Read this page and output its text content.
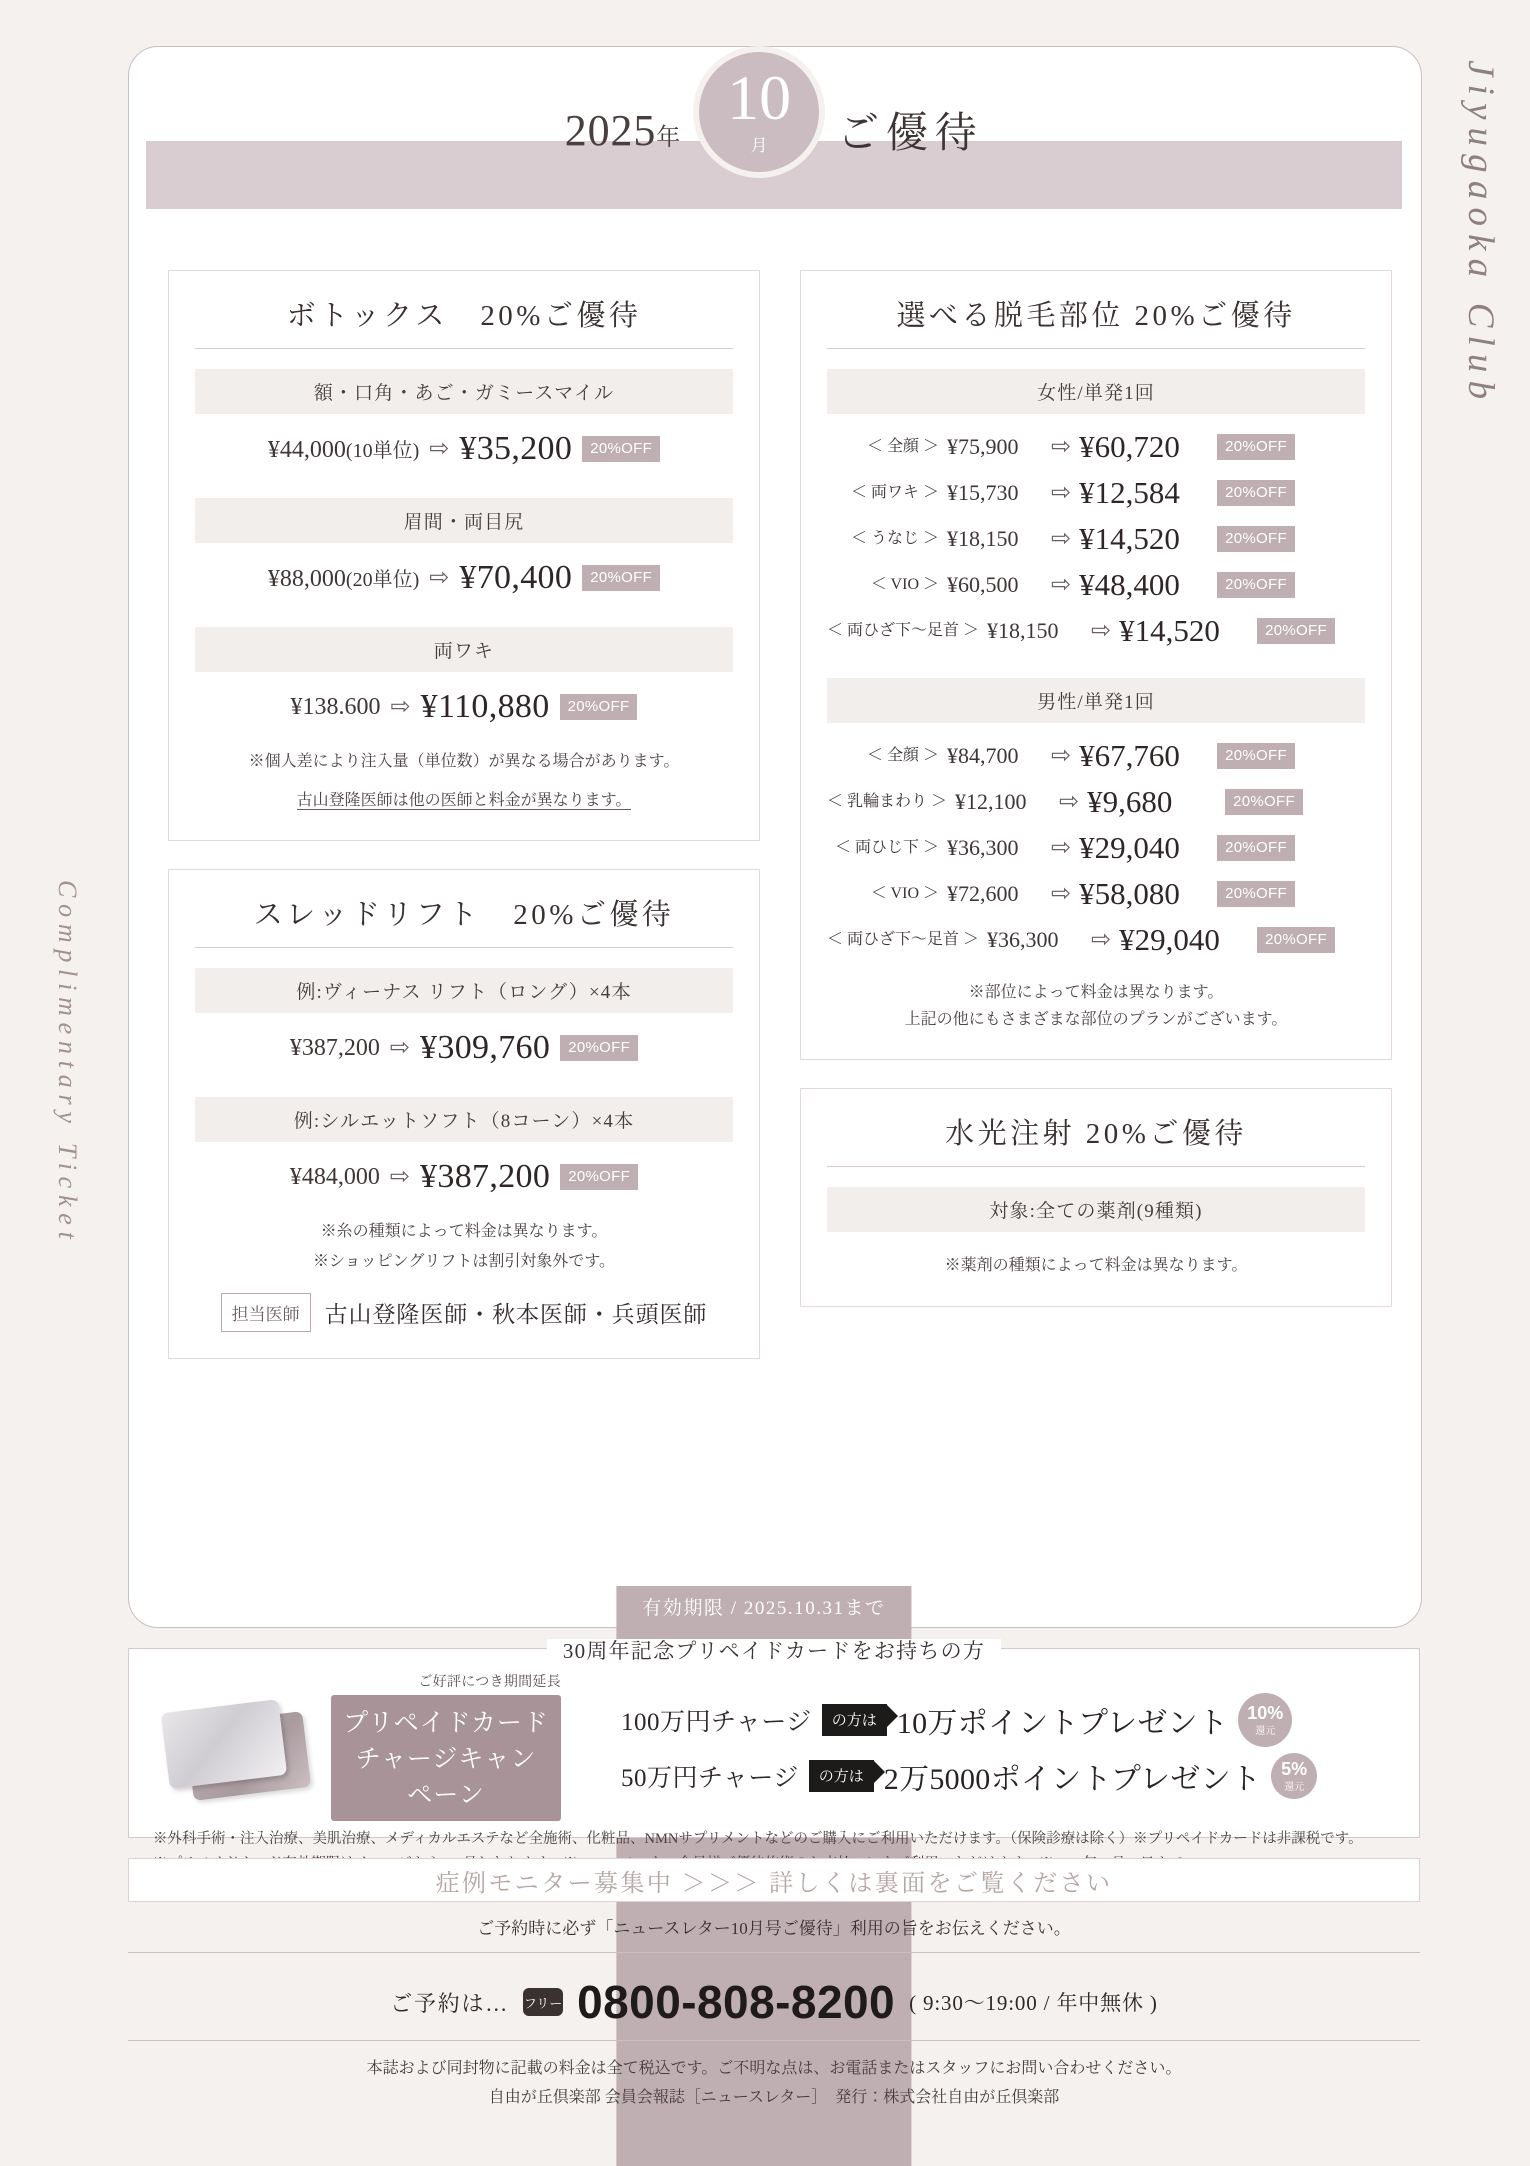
Jiyugaoka Club
Complimentary Ticket
2025年
10
月 ご優待
ボトックス　20%ご優待
額・口角・あご・ガミースマイル
¥44,000(10単位) ⇨ ¥35,200	20%OFF
眉間・両目尻
¥88,000(20単位) ⇨ ¥70,400	20%OFF
両ワキ
¥138.600 ⇨ ¥110,880	20%OFF
※個人差により注入量（単位数）が異なる場合があります。
古山登隆医師は他の医師と料金が異なります。
スレッドリフト　20%ご優待
例:ヴィーナス リフト（ロング）×4本
¥387,200 ⇨ ¥309,760	20%OFF
例:シルエットソフト（8コーン）×4本
¥484,000 ⇨ ¥387,200	20%OFF
※糸の種類によって料金は異なります。
※ショッピングリフトは割引対象外です。
担当医師	古山登隆医師・秋本医師・兵頭医師
選べる脱毛部位 20%ご優待
女性/単発1回
＜ 全顔 ＞ ¥75,900	⇨ ¥60,720	20%OFF
＜ 両ワキ ＞ ¥15,730	⇨ ¥12,584	20%OFF
＜ うなじ ＞ ¥18,150	⇨ ¥14,520	20%OFF
＜ VIO ＞ ¥60,500	⇨ ¥48,400	20%OFF
＜ 両ひざ下〜足首 ＞ ¥18,150	⇨ ¥14,520	20%OFF
男性/単発1回
＜ 全顔 ＞ ¥84,700	⇨ ¥67,760	20%OFF
＜ 乳輪まわり ＞ ¥12,100	⇨ ¥9,680	20%OFF
＜ 両ひじ下 ＞ ¥36,300	⇨ ¥29,040	20%OFF
＜ VIO ＞ ¥72,600	⇨ ¥58,080	20%OFF
＜ 両ひざ下〜足首 ＞ ¥36,300	⇨ ¥29,040	20%OFF
※部位によって料金は異なります。
上記の他にもさまざまな部位のプランがございます。
水光注射 20%ご優待
対象:全ての薬剤(9種類)
※薬剤の種類によって料金は異なります。
有効期限 / 2025.10.31まで
30周年記念プリペイドカードをお持ちの方
ご好評につき期間延長
プリペイドカード
チャージキャンペーン
100万円チャージ	の方は 10万ポイントプレゼント 10%
還元
50万円チャージ	の方は 2万5000ポイントプレゼント 5%
還元
※外科手術・注入治療、美肌治療、メディカルエステなど全施術、化粧品、NMNサプリメントなどのご購入にご利用いただけます。（保険診療は除く）※プリペイドカードは非課税です。
症例モニター募集中 ＞＞＞ 詳しくは裏面をご覧ください
ご予約時に必ず「ニュースレター10月号ご優待」利用の旨をお伝えください。
ご予約は… フリー 0800-808-8200 ( 9:30〜19:00 / 年中無休 )
本誌および同封物に記載の料金は全て税込です。ご不明な点は、お電話またはスタッフにお問い合わせください。
自由が丘倶楽部 会員会報誌［ニュースレター］　発行：株式会社自由が丘倶楽部
